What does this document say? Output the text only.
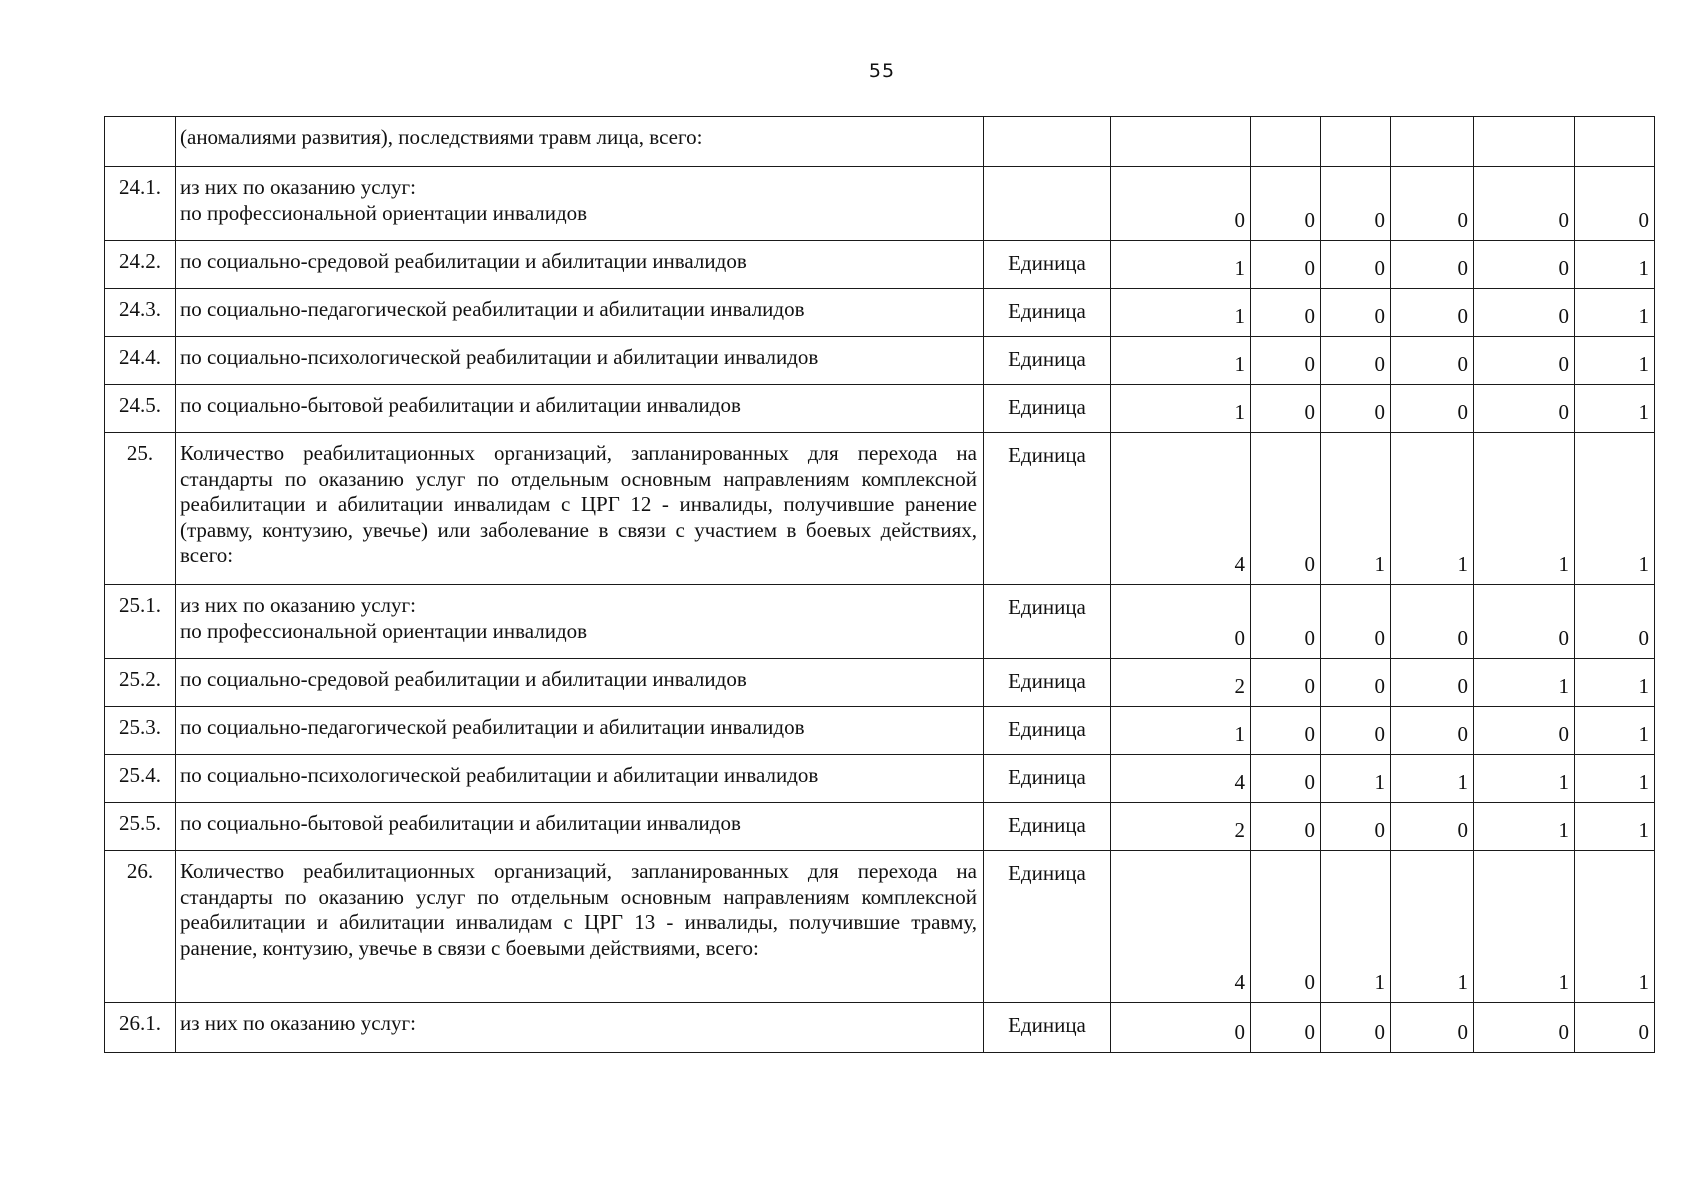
55

	(аномалиями развития), последствиями травм лица, всего:							

24.1.	из них по оказанию услуг:
по профессиональной ориентации инвалидов		0	0	0	0	0	0
24.2.	по социально-средовой реабилитации и абилитации инвалидов	Единица	1	0	0	0	0	1
24.3.	по социально-педагогической реабилитации и абилитации инвалидов	Единица	1	0	0	0	0	1
24.4.	по социально-психологической реабилитации и абилитации инвалидов	Единица	1	0	0	0	0	1
24.5.	по социально-бытовой реабилитации и абилитации инвалидов	Единица	1	0	0	0	0	1
25.	Количество реабилитационных организаций, запланированных для перехода на стандарты по оказанию услуг по отдельным основным направлениям комплексной реабилитации и абилитации инвалидам с ЦРГ 12 - инвалиды, получившие ранение (травму, контузию, увечье) или заболевание в связи с участием в боевых действиях, всего:	Единица	4	0	1	1	1	1
25.1.	из них по оказанию услуг:
по профессиональной ориентации инвалидов	Единица	0	0	0	0	0	0
25.2.	по социально-средовой реабилитации и абилитации инвалидов	Единица	2	0	0	0	1	1
25.3.	по социально-педагогической реабилитации и абилитации инвалидов	Единица	1	0	0	0	0	1
25.4.	по социально-психологической реабилитации и абилитации инвалидов	Единица	4	0	1	1	1	1
25.5.	по социально-бытовой реабилитации и абилитации инвалидов	Единица	2	0	0	0	1	1
26.	Количество реабилитационных организаций, запланированных для перехода на стандарты по оказанию услуг по отдельным основным направлениям комплексной реабилитации и абилитации инвалидам с ЦРГ 13 - инвалиды, получившие травму, ранение, контузию, увечье в связи с боевыми действиями, всего:	Единица	4	0	1	1	1	1
26.1.	из них по оказанию услуг:	Единица	0	0	0	0	0	0
